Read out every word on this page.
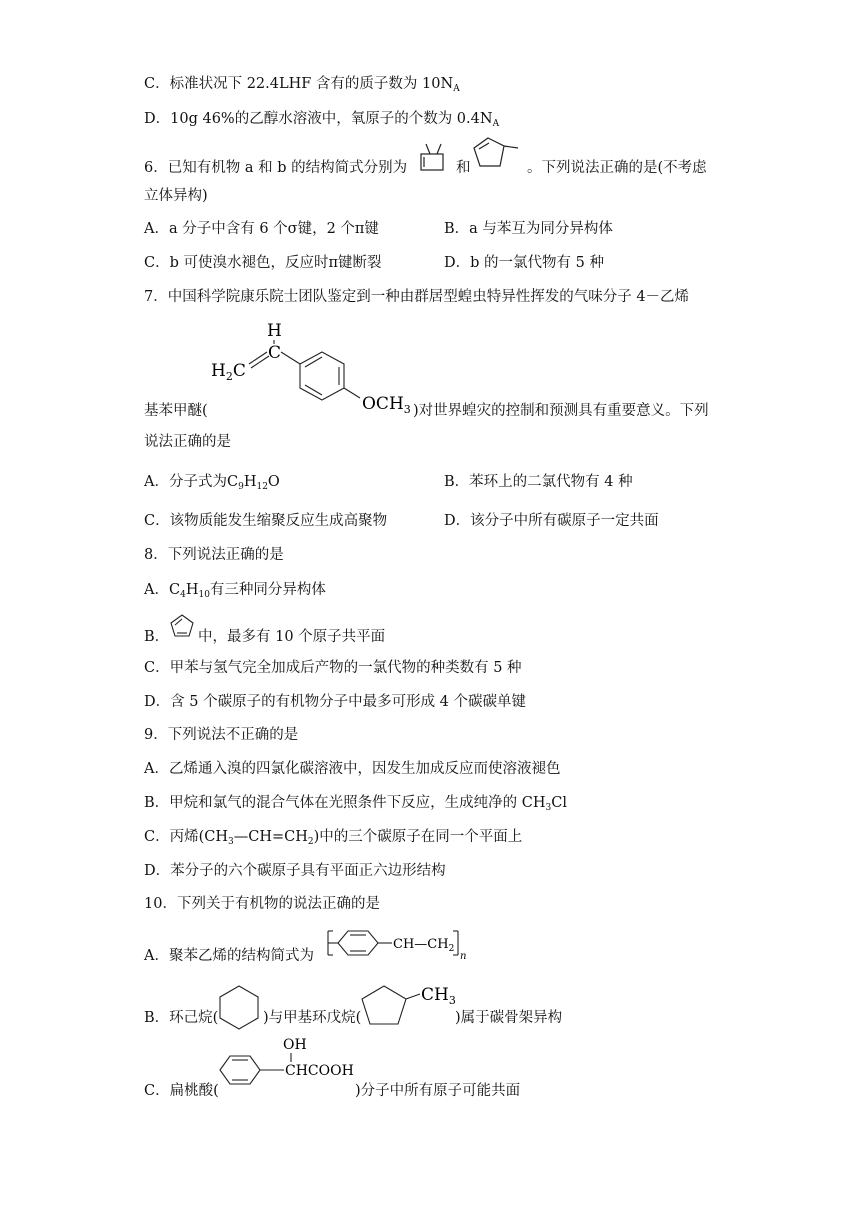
C．标准状况下 22.4LHF 含有的质子数为 $10N_A$
D．10g 46%的乙醇水溶液中，氧原子的个数为 $0.4N_A$
6．已知有机物 a 和 b 的结构简式分别为	和	。下列说法正确的是(不考虑
立体异构)
A．a 分子中含有 6 个σ键，2 个π键	B．a 与苯互为同分异构体
C．b 可使溴水褪色，反应时π键断裂	D．b 的一氯代物有 5 种
7．中国科学院康乐院士团队鉴定到一种由群居型蝗虫特异性挥发的气味分子 4－乙烯
H
C
$H_2C$
$OCH_3$
基苯甲醚(	)对世界蝗灾的控制和预测具有重要意义。下列
说法正确的是
A．分子式为$C_9H_{12}O$	B．苯环上的二氯代物有 4 种
C．该物质能发生缩聚反应生成高聚物	D．该分子中所有碳原子一定共面
8．下列说法正确的是
A．$C_4H_{10}$有三种同分异构体
B． 中，最多有 10 个原子共平面
C．甲苯与氢气完全加成后产物的一氯代物的种类数有 5 种
D．含 5 个碳原子的有机物分子中最多可形成 4 个碳碳单键
9．下列说法不正确的是
A．乙烯通入溴的四氯化碳溶液中，因发生加成反应而使溶液褪色
B．甲烷和氯气的混合气体在光照条件下反应，生成纯净的 $CH_3Cl$
C．丙烯$(CH_3—CH=CH_2)$中的三个碳原子在同一个平面上
D．苯分子的六个碳原子具有平面正六边形结构
10．下列关于有机物的说法正确的是
A．聚苯乙烯的结构简式为
$CH—CH_2$
n
B．环己烷(	)与甲基环戊烷(
$CH_3$
)属于碳骨架异构
C．扁桃酸(
OH
CHCOOH
)分子中所有原子可能共面
